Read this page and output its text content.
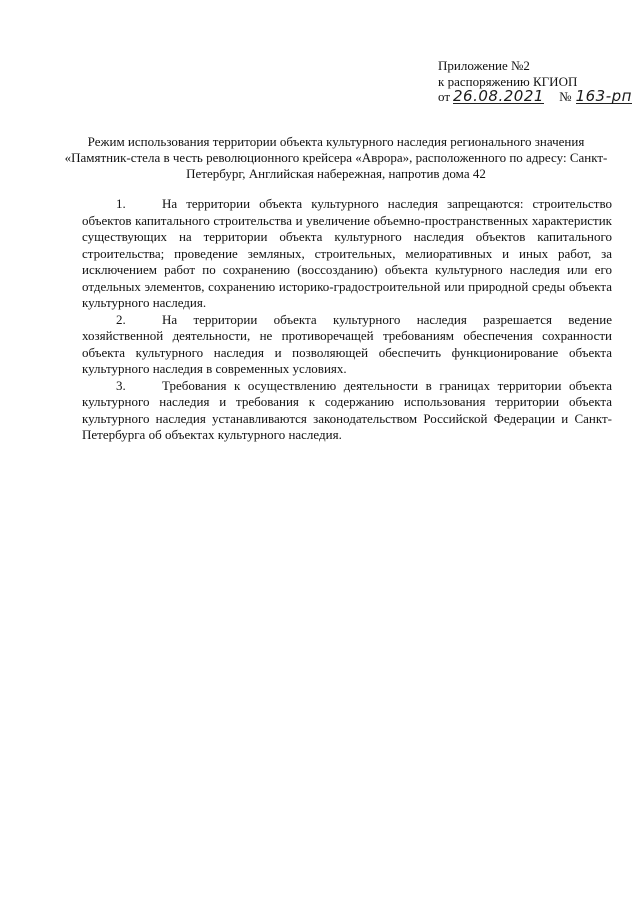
Приложение №2
к распоряжению КГИОП
от 26.08.2021 № 163-рп
Режим использования территории объекта культурного наследия регионального значения «Памятник-стела в честь революционного крейсера «Аврора», расположенного по адресу: Санкт-Петербург, Английская набережная, напротив дома 42

1.	На территории объекта культурного наследия запрещаются: строительство объектов капитального строительства и увеличение объемно-пространственных характеристик существующих на территории объекта культурного наследия объектов капитального строительства; проведение земляных, строительных, мелиоративных и иных работ, за исключением работ по сохранению (воссозданию) объекта культурного наследия или его отдельных элементов, сохранению историко-градостроительной или природной среды объекта культурного наследия.

2.	На территории объекта культурного наследия разрешается ведение хозяйственной деятельности, не противоречащей требованиям обеспечения сохранности объекта культурного наследия и позволяющей обеспечить функционирование объекта культурного наследия в современных условиях.

3.	Требования к осуществлению деятельности в границах территории объекта культурного наследия и требования к содержанию использования территории объекта культурного наследия устанавливаются законодательством Российской Федерации и Санкт-Петербурга об объектах культурного наследия.
